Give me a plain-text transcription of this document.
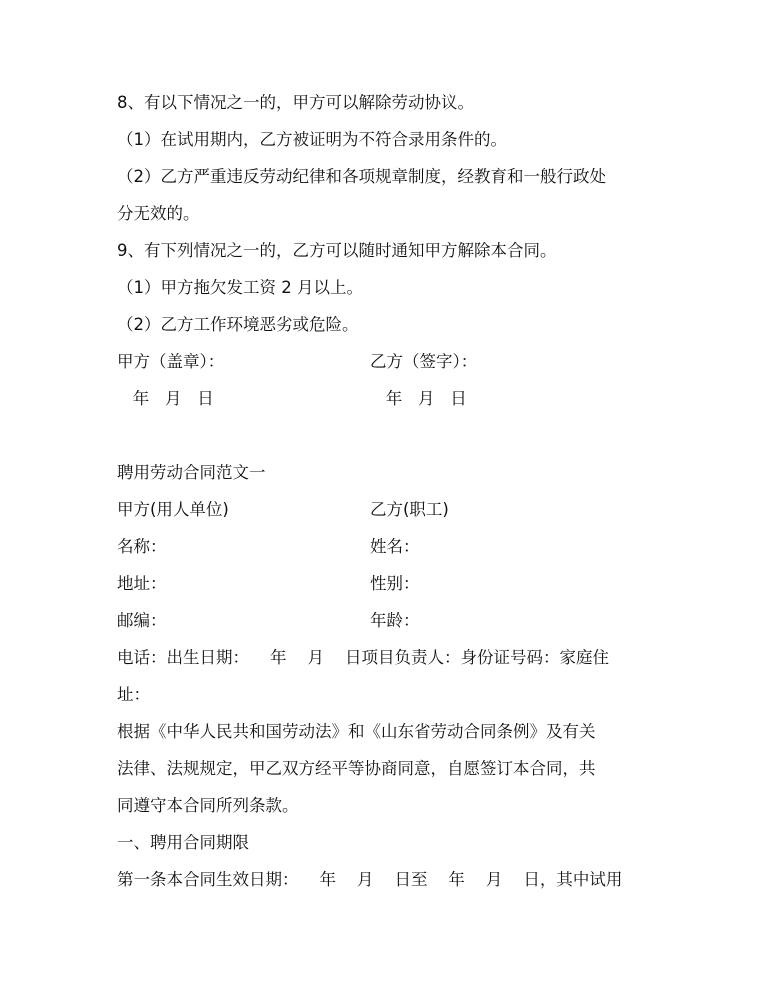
8、有以下情况之一的，甲方可以解除劳动协议。
（1）在试用期内，乙方被证明为不符合录用条件的。
（2）乙方严重违反劳动纪律和各项规章制度，经教育和一般行政处
分无效的。
9、有下列情况之一的，乙方可以随时通知甲方解除本合同。
（1）甲方拖欠发工资 2 月以上。
（2）乙方工作环境恶劣或危险。
甲方（盖章）：	乙方（签字）：
年   月   日	年   月   日
聘用劳动合同范文一
甲方(用人单位)	乙方(职工)
名称：	姓名：
地址：	性别：
邮编：	年龄：
电话：出生日期：    年    月    日项目负责人：身份证号码：家庭住
址：
根据《中华人民共和国劳动法》和《山东省劳动合同条例》及有关
法律、法规规定，甲乙双方经平等协商同意，自愿签订本合同，共
同遵守本合同所列条款。
一、聘用合同期限
第一条本合同生效日期：    年    月    日至    年    月    日，其中试用
